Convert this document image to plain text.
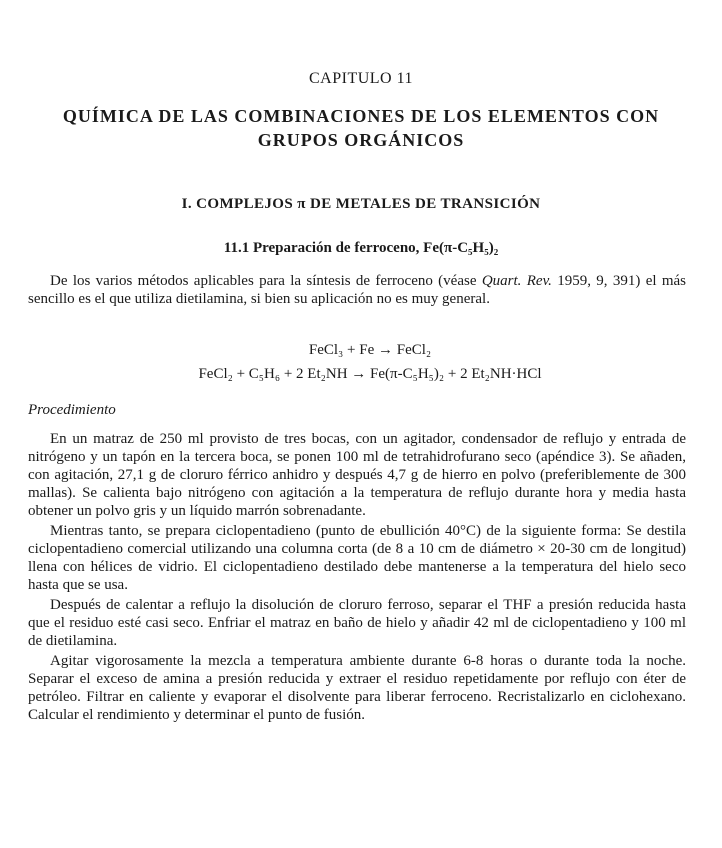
CAPITULO 11
QUÍMICA DE LAS COMBINACIONES DE LOS ELEMENTOS CON GRUPOS ORGÁNICOS
I. COMPLEJOS π DE METALES DE TRANSICIÓN
11.1 Preparación de ferroceno, Fe(π-C₅H₅)₂

De los varios métodos aplicables para la síntesis de ferroceno (véase Quart. Rev. 1959, 9, 391) el más sencillo es el que utiliza dietilamina, si bien su aplicación no es muy general.

FeCl₃ + Fe → FeCl₂
FeCl₂ + C₅H₆ + 2 Et₂NH → Fe(π-C₅H₅)₂ + 2 Et₂NH·HCl
Procedimiento

En un matraz de 250 ml provisto de tres bocas, con un agitador, condensador de reflujo y entrada de nitrógeno y un tapón en la tercera boca, se ponen 100 ml de tetrahidrofurano seco (apéndice 3). Se añaden, con agitación, 27,1 g de cloruro férrico anhidro y después 4,7 g de hierro en polvo (preferiblemente de 300 mallas). Se calienta bajo nitrógeno con agitación a la temperatura de reflujo durante hora y media hasta obtener un polvo gris y un líquido marrón sobrenadante.

Mientras tanto, se prepara ciclopentadieno (punto de ebullición 40°C) de la siguiente forma: Se destila ciclopentadieno comercial utilizando una columna corta (de 8 a 10 cm de diámetro × 20-30 cm de longitud) llena con hélices de vidrio. El ciclopentadieno destilado debe mantenerse a la temperatura del hielo seco hasta que se usa.

Después de calentar a reflujo la disolución de cloruro ferroso, separar el THF a presión reducida hasta que el residuo esté casi seco. Enfriar el matraz en baño de hielo y añadir 42 ml de ciclopentadieno y 100 ml de dietilamina.

Agitar vigorosamente la mezcla a temperatura ambiente durante 6-8 horas o durante toda la noche. Separar el exceso de amina a presión reducida y extraer el residuo repetidamente por reflujo con éter de petróleo. Filtrar en caliente y evaporar el disolvente para liberar ferroceno. Recristalizarlo en ciclohexano. Calcular el rendimiento y determinar el punto de fusión.
